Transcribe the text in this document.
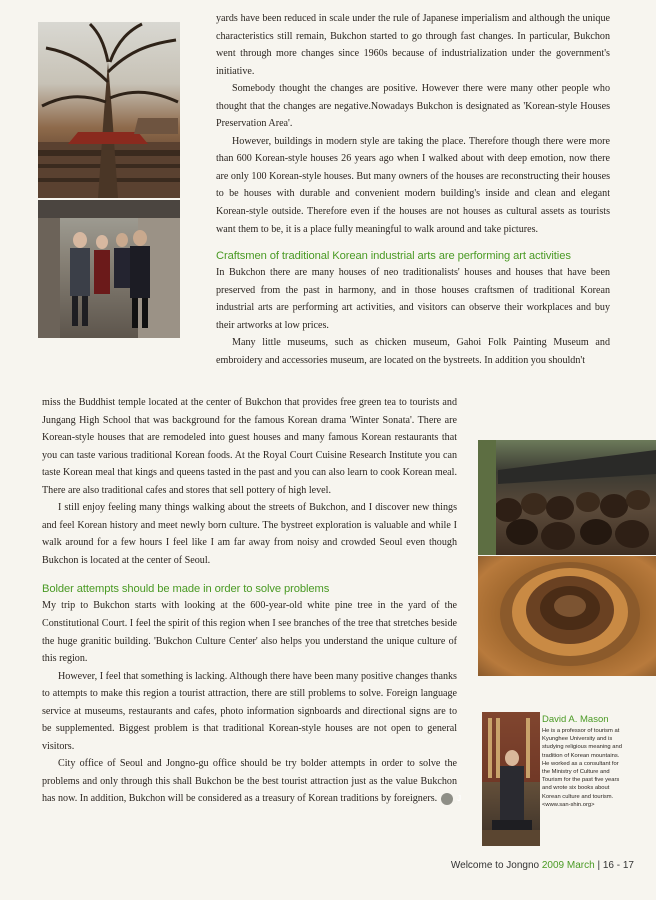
yards have been reduced in scale under the rule of Japanese imperialism and although the unique characteristics still remain, Bukchon started to go through fast changes. In particular, Bukchon went through more changes since 1960s because of industrialization under the government's initiative.

Somebody thought the changes are positive. However there were many other people who thought that the changes are negative.Nowadays Bukchon is designated as 'Korean-style Houses Preservation Area'.

However, buildings in modern style are taking the place. Therefore though there were more than 600 Korean-style houses 26 years ago when I walked about with deep emotion, now there are only 100 Korean-style houses. But many owners of the houses are reconstructing their houses to be houses with durable and convenient modern building's inside and clean and elegant Korean-style outside. Therefore even if the houses are not houses as cultural assets as tourists want them to be, it is a place fully meaningful to walk around and take pictures.

Craftsmen of traditional Korean industrial arts are performing art activities

In Bukchon there are many houses of neo traditionalists' houses and houses that have been preserved from the past in harmony, and in those houses craftsmen of traditional Korean industrial arts are performing art activities, and visitors can observe their workplaces and buy their artworks at low prices.

Many little museums, such as chicken museum, Gahoi Folk Painting Museum and embroidery and accessories museum, are located on the bystreets. In addition you shouldn't

miss the Buddhist temple located at the center of Bukchon that provides free green tea to tourists and Jungang High School that was background for the famous Korean drama 'Winter Sonata'. There are Korean-style houses that are remodeled into guest houses and many famous Korean restaurants that you can taste various traditional Korean foods. At the Royal Court Cuisine Research Institute you can taste Korean meal that kings and queens tasted in the past and you can also learn to cook Korean meal. There are also traditional cafes and stores that sell pottery of high level.

I still enjoy feeling many things walking about the streets of Bukchon, and I discover new things and feel Korean history and meet newly born culture. The bystreet exploration is valuable and while I walk around for a few hours I feel like I am far away from noisy and crowded Seoul even though Bukchon is located at the center of Seoul.

Bolder attempts should be made in order to solve problems

My trip to Bukchon starts with looking at the 600-year-old white pine tree in the yard of the Constitutional Court. I feel the spirit of this region when I see branches of the tree that stretches beside the huge granitic building. 'Bukchon Culture Center' also helps you understand the unique culture of this region.

However, I feel that something is lacking. Although there have been many positive changes thanks to attempts to make this region a tourist attraction, there are still problems to solve. Foreign language service at museums, restaurants and cafes, photo information signboards and directional signs are to be supplemented. Biggest problem is that traditional Korean-style houses are not open to general visitors.

City office of Seoul and Jongno-gu office should be try bolder attempts in order to solve the problems and only through this shall Bukchon be the best tourist attraction just as the value Bukchon has now. In addition, Bukchon will be considered as a treasury of Korean traditions by foreigners.	J

David A. Mason
He is a professor of tourism at Kyunghee University and is studying religious meaning and tradition of Korean mountains. He worked as a consultant for the Ministry of Culture and Tourism for the past five years and wrote six books about Korean culture and tourism. <www.san-shin.org>
Welcome to Jongno 2009 March | 16 - 17
